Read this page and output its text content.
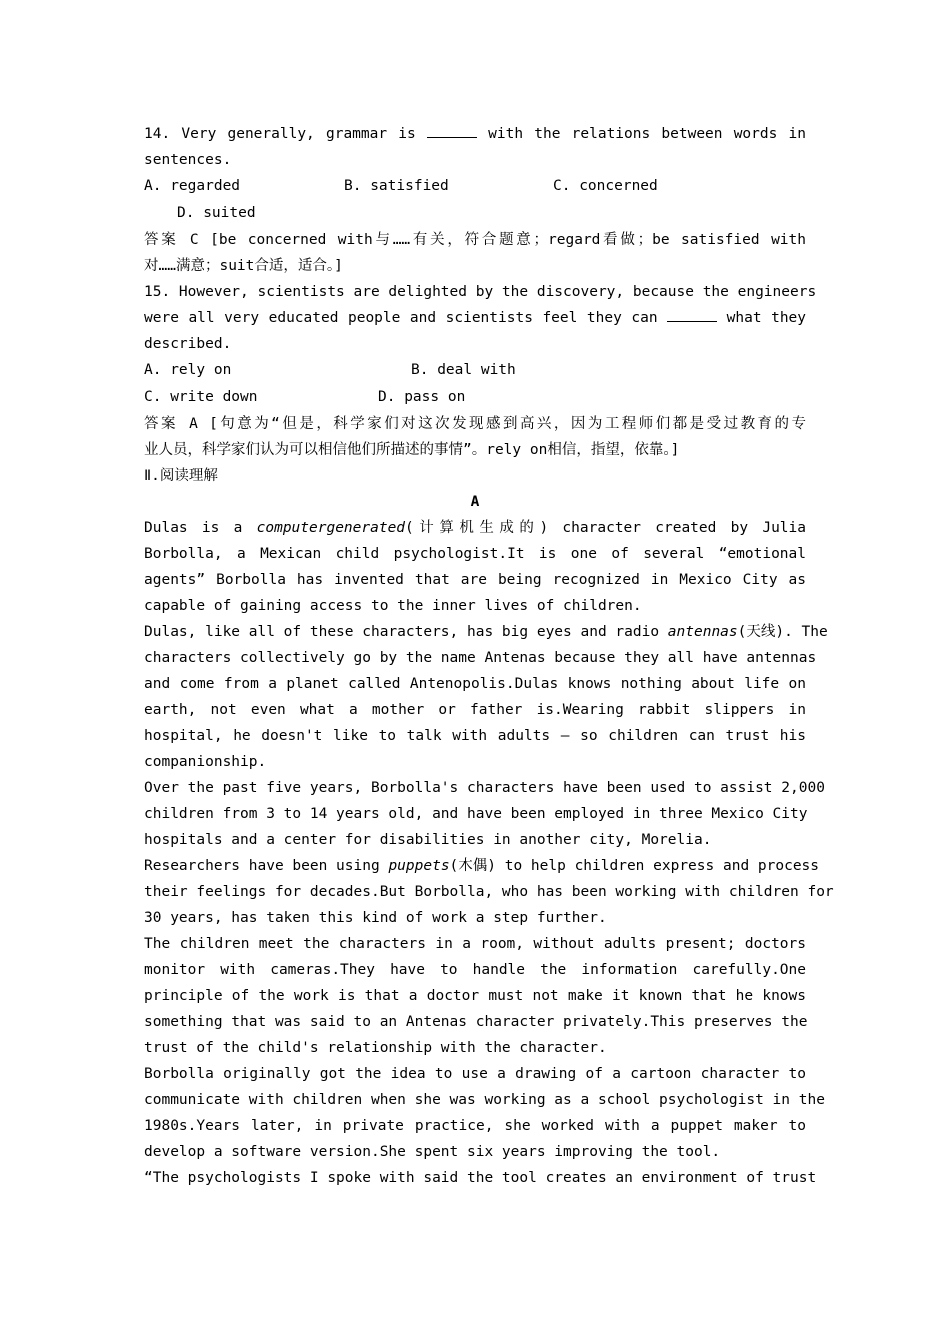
14. Very generally, grammar is	with the relations between words in
sentences.

A. regarded

	B. satisfied

	C. concerned

D. suited

答案 C [be concerned with与……有关，符合题意；regard看做；be satisfied with
对……满意；suit合适，适合。]
15. However, scientists are delighted by the discovery, because the engineers
were all very educated people and scientists feel they can	what they
described.

A. rely on

	B. deal with

C. write down

	D. pass on

答案 A [句意为“但是，科学家们对这次发现感到高兴，因为工程师们都是受过教育的专
业人员，科学家们认为可以相信他们所描述的事情”。rely on相信，指望，依靠。]
Ⅱ.阅读理解
A
Dulas is a computergenerated(计算机生成的) character created by Julia
Borbolla, a Mexican child psychologist.It is one of several “emotional
agents” Borbolla has invented that are being recognized in Mexico City as
capable of gaining access to the inner lives of children.
Dulas, like all of these characters, has big eyes and radio antennas(天线). The
characters collectively go by the name Antenas because they all have antennas
and come from a planet called Antenopolis.Dulas knows nothing about life on
earth, not even what a mother or father is.Wearing rabbit slippers in
hospital, he doesn't like to talk with adults — so children can trust his
companionship.
Over the past five years, Borbolla's characters have been used to assist 2,000
children from 3 to 14 years old, and have been employed in three Mexico City
hospitals and a center for disabilities in another city, Morelia.
Researchers have been using puppets(木偶) to help children express and process
their feelings for decades.But Borbolla, who has been working with children for
30 years, has taken this kind of work a step further.
The children meet the characters in a room, without adults present; doctors
monitor with cameras.They have to handle the information carefully.One
principle of the work is that a doctor must not make it known that he knows
something that was said to an Antenas character privately.This preserves the
trust of the child's relationship with the character.
Borbolla originally got the idea to use a drawing of a cartoon character to
communicate with children when she was working as a school psychologist in the
1980s.Years later, in private practice, she worked with a puppet maker to
develop a software version.She spent six years improving the tool.
“The psychologists I spoke with said the tool creates an environment of trust
